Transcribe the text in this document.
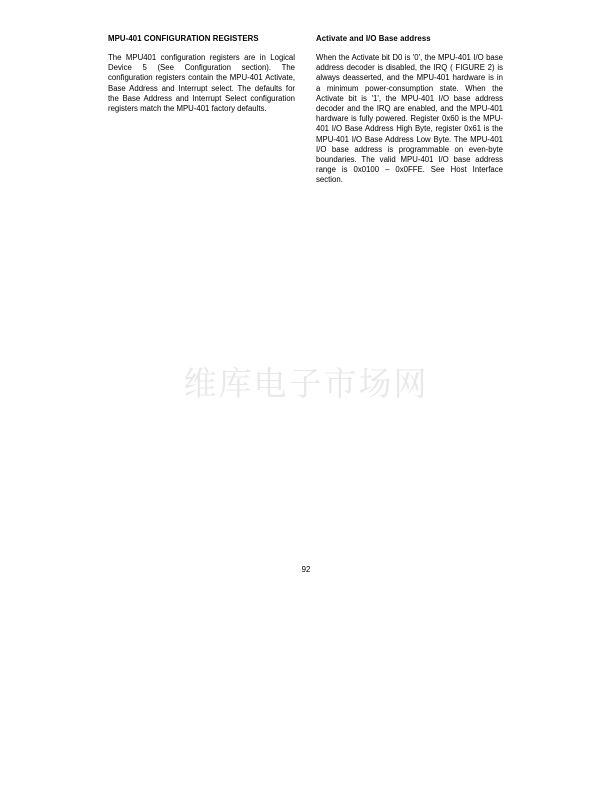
MPU-401 CONFIGURATION REGISTERS

The MPU401 configuration registers are in Logical Device 5 (See Configuration section). The configuration registers contain the MPU-401 Activate, Base Address and Interrupt select. The defaults for the Base Address and Interrupt Select configuration registers match the MPU-401 factory defaults.

Activate and I/O Base address

When the Activate bit D0 is '0', the MPU-401 I/O base address decoder is disabled, the IRQ ( FIGURE 2) is always deasserted, and the MPU-401 hardware is in a minimum power-consumption state. When the Activate bit is '1', the MPU-401 I/O base address decoder and the IRQ are enabled, and the MPU-401 hardware is fully powered. Register 0x60 is the MPU-401 I/O Base Address High Byte, register 0x61 is the MPU-401 I/O Base Address Low Byte. The MPU-401 I/O base address is programmable on even-byte boundaries. The valid MPU-401 I/O base address range is 0x0100 – 0x0FFE. See Host Interface section.

维库电子市场网
92
